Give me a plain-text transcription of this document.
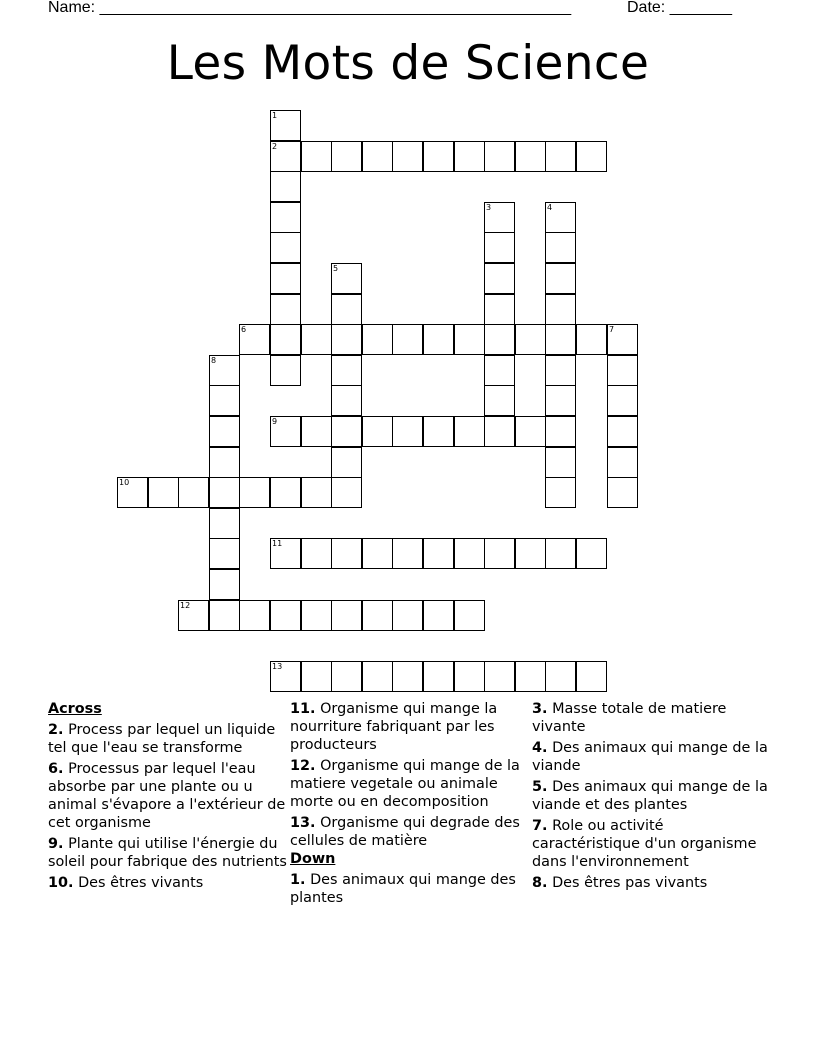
Name: _____________________________________________________	Date: _______
Les Mots de Science
1
2
3	4
5
6	7
8
9
10
11
12
13
Across

2. Process par lequel un liquide tel que l'eau se transforme

6. Processus par lequel l'eau absorbe par une plante ou u animal s'évapore a l'extérieur de cet organisme

9. Plante qui utilise l'énergie du soleil pour fabrique des nutrients

10. Des êtres vivants

11. Organisme qui mange la nourriture fabriquant par les producteurs

12. Organisme qui mange de la matiere vegetale ou animale morte ou en decomposition

13. Organisme qui degrade des cellules de matière

Down

1. Des animaux qui mange des plantes

3. Masse totale de matiere vivante

4. Des animaux qui mange de la viande

5. Des animaux qui mange de la viande et des plantes

7. Role ou activité caractéristique d'un organisme dans l'environnement

8. Des êtres pas vivants
